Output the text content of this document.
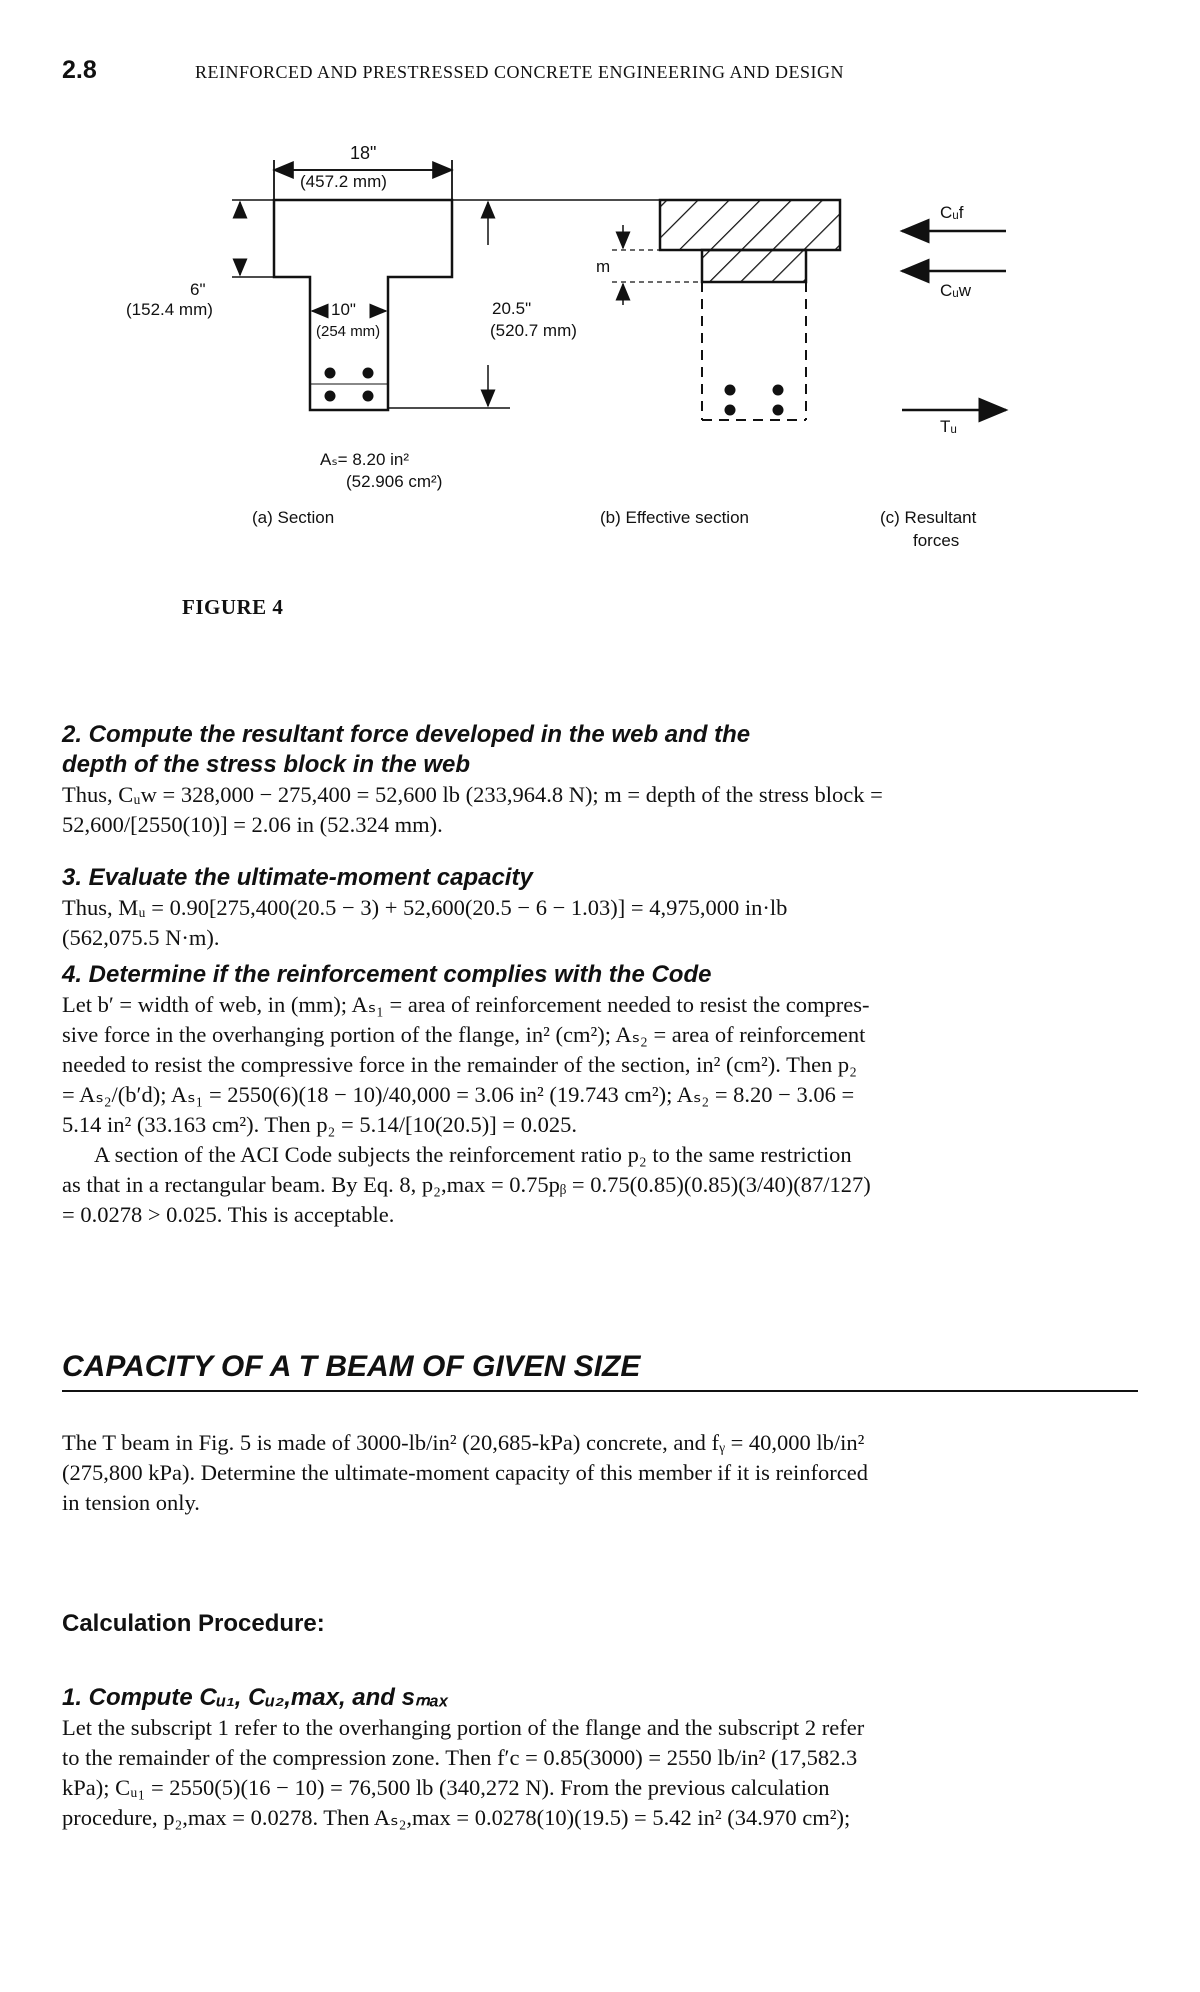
2.8	REINFORCED AND PRESTRESSED CONCRETE ENGINEERING AND DESIGN
18"
(457.2 mm)
6"
(152.4 mm)	10"
(254 mm)
20.5"
(520.7 mm)
Aₛ= 8.20 in²
(52.906 cm²)
m
(a) Section	(b) Effective section	(c) Resultant
forces
Cᵤf
Cᵤw
Tᵤ
FIGURE 4

2. Compute the resultant force developed in the web and the

depth of the stress block in the web

Thus, Cᵤw = 328,000 − 275,400 = 52,600 lb (233,964.8 N); m = depth of the stress block =

52,600/[2550(10)] = 2.06 in (52.324 mm).

3. Evaluate the ultimate-moment capacity

Thus, Mᵤ = 0.90[275,400(20.5 − 3) + 52,600(20.5 − 6 − 1.03)] = 4,975,000 in·lb

(562,075.5 N·m).

4. Determine if the reinforcement complies with the Code

Let b′ = width of web, in (mm); Aₛ₁ = area of reinforcement needed to resist the compres-

sive force in the overhanging portion of the flange, in² (cm²); Aₛ₂ = area of reinforcement

needed to resist the compressive force in the remainder of the section, in² (cm²). Then p₂

= Aₛ₂/(b′d); Aₛ₁ = 2550(6)(18 − 10)/40,000 = 3.06 in² (19.743 cm²); Aₛ₂ = 8.20 − 3.06 =

5.14 in² (33.163 cm²). Then p₂ = 5.14/[10(20.5)] = 0.025.

A section of the ACI Code subjects the reinforcement ratio p₂ to the same restriction

as that in a rectangular beam. By Eq. 8, p₂,max = 0.75pᵦ = 0.75(0.85)(0.85)(3/40)(87/127)

= 0.0278 > 0.025. This is acceptable.

CAPACITY OF A T BEAM OF GIVEN SIZE

The T beam in Fig. 5 is made of 3000-lb/in² (20,685-kPa) concrete, and fᵧ = 40,000 lb/in²

(275,800 kPa). Determine the ultimate-moment capacity of this member if it is reinforced

in tension only.

Calculation Procedure:

1. Compute Cᵤ₁, Cᵤ₂,max, and sₘₐₓ

Let the subscript 1 refer to the overhanging portion of the flange and the subscript 2 refer

to the remainder of the compression zone. Then f′c = 0.85(3000) = 2550 lb/in² (17,582.3

kPa); Cᵤ₁ = 2550(5)(16 − 10) = 76,500 lb (340,272 N). From the previous calculation

procedure, p₂,max = 0.0278. Then Aₛ₂,max = 0.0278(10)(19.5) = 5.42 in² (34.970 cm²);
